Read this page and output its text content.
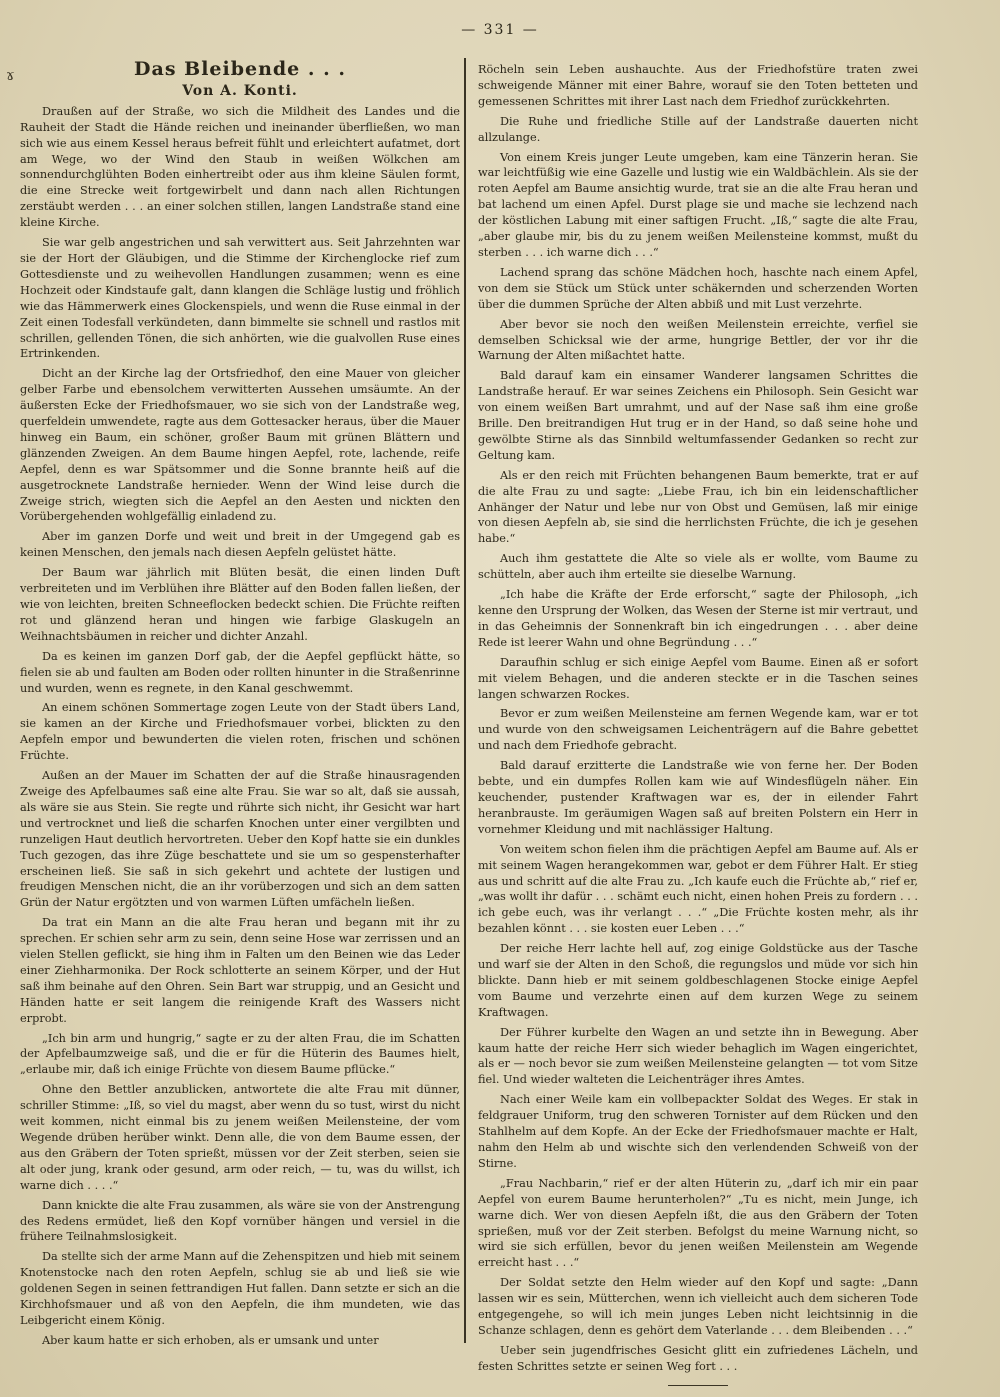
— 331 —
ɤ	Das Bleibende . . .
Von A. Konti.

Draußen auf der Straße, wo sich die Mildheit des Landes und die Rauheit der Stadt die Hände reichen und ineinander überfließen, wo man sich wie aus einem Kessel heraus befreit fühlt und erleichtert aufatmet, dort am Wege, wo der Wind den Staub in weißen Wölkchen am sonnendurchglühten Boden einhertreibt oder aus ihm kleine Säulen formt, die eine Strecke weit fortgewirbelt und dann nach allen Richtungen zerstäubt werden . . . an einer solchen stillen, langen Landstraße stand eine kleine Kirche.

Sie war gelb angestrichen und sah verwittert aus. Seit Jahrzehnten war sie der Hort der Gläubigen, und die Stimme der Kirchenglocke rief zum Gottesdienste und zu weihevollen Handlungen zusammen; wenn es eine Hochzeit oder Kindstaufe galt, dann klangen die Schläge lustig und fröhlich wie das Hämmerwerk eines Glockenspiels, und wenn die Ruse einmal in der Zeit einen Todesfall verkündeten, dann bimmelte sie schnell und rastlos mit schrillen, gellenden Tönen, die sich anhörten, wie die gualvollen Ruse eines Ertrinkenden.

Dicht an der Kirche lag der Ortsfriedhof, den eine Mauer von gleicher gelber Farbe und ebensolchem verwitterten Aussehen umsäumte. An der äußersten Ecke der Friedhofsmauer, wo sie sich von der Landstraße weg, querfeldein umwendete, ragte aus dem Gottesacker heraus, über die Mauer hinweg ein Baum, ein schöner, großer Baum mit grünen Blättern und glänzenden Zweigen. An dem Baume hingen Aepfel, rote, lachende, reife Aepfel, denn es war Spätsommer und die Sonne brannte heiß auf die ausgetrocknete Landstraße hernieder. Wenn der Wind leise durch die Zweige strich, wiegten sich die Aepfel an den Aesten und nickten den Vorübergehenden wohlgefällig einladend zu.

Aber im ganzen Dorfe und weit und breit in der Umgegend gab es keinen Menschen, den jemals nach diesen Aepfeln gelüstet hätte.

Der Baum war jährlich mit Blüten besät, die einen linden Duft verbreiteten und im Verblühen ihre Blätter auf den Boden fallen ließen, der wie von leichten, breiten Schneeflocken bedeckt schien. Die Früchte reiften rot und glänzend heran und hingen wie farbige Glaskugeln an Weihnachtsbäumen in reicher und dichter Anzahl.

Da es keinen im ganzen Dorf gab, der die Aepfel gepflückt hätte, so fielen sie ab und faulten am Boden oder rollten hinunter in die Straßenrinne und wurden, wenn es regnete, in den Kanal geschwemmt.

An einem schönen Sommertage zogen Leute von der Stadt übers Land, sie kamen an der Kirche und Friedhofsmauer vorbei, blickten zu den Aepfeln empor und bewunderten die vielen roten, frischen und schönen Früchte.

Außen an der Mauer im Schatten der auf die Straße hinausragenden Zweige des Apfelbaumes saß eine alte Frau. Sie war so alt, daß sie aussah, als wäre sie aus Stein. Sie regte und rührte sich nicht, ihr Gesicht war hart und vertrocknet und ließ die scharfen Knochen unter einer vergilbten und runzeligen Haut deutlich hervortreten. Ueber den Kopf hatte sie ein dunkles Tuch gezogen, das ihre Züge beschattete und sie um so gespensterhafter erscheinen ließ. Sie saß in sich gekehrt und achtete der lustigen und freudigen Menschen nicht, die an ihr vorüberzogen und sich an dem satten Grün der Natur ergötzten und von warmen Lüften umfächeln ließen.

Da trat ein Mann an die alte Frau heran und begann mit ihr zu sprechen. Er schien sehr arm zu sein, denn seine Hose war zerrissen und an vielen Stellen geflickt, sie hing ihm in Falten um den Beinen wie das Leder einer Ziehharmonika. Der Rock schlotterte an seinem Körper, und der Hut saß ihm beinahe auf den Ohren. Sein Bart war struppig, und an Gesicht und Händen hatte er seit langem die reinigende Kraft des Wassers nicht erprobt.

„Ich bin arm und hungrig,“ sagte er zu der alten Frau, die im Schatten der Apfelbaumzweige saß, und die er für die Hüterin des Baumes hielt, „erlaube mir, daß ich einige Früchte von diesem Baume pflücke.“

Ohne den Bettler anzublicken, antwortete die alte Frau mit dünner, schriller Stimme: „Iß, so viel du magst, aber wenn du so tust, wirst du nicht weit kommen, nicht einmal bis zu jenem weißen Meilensteine, der vom Wegende drüben herüber winkt. Denn alle, die von dem Baume essen, der aus den Gräbern der Toten sprießt, müssen vor der Zeit sterben, seien sie alt oder jung, krank oder gesund, arm oder reich, — tu, was du willst, ich warne dich . . . .“

Dann knickte die alte Frau zusammen, als wäre sie von der Anstrengung des Redens ermüdet, ließ den Kopf vornüber hängen und versiel in die frühere Teilnahmslosigkeit.

Da stellte sich der arme Mann auf die Zehenspitzen und hieb mit seinem Knotenstocke nach den roten Aepfeln, schlug sie ab und ließ sie wie goldenen Segen in seinen fettrandigen Hut fallen. Dann setzte er sich an die Kirchhofsmauer und aß von den Aepfeln, die ihm mundeten, wie das Leibgericht einem König.

Aber kaum hatte er sich erhoben, als er umsank und unter

Röcheln sein Leben aushauchte. Aus der Friedhofstüre traten zwei schweigende Männer mit einer Bahre, worauf sie den Toten betteten und gemessenen Schrittes mit ihrer Last nach dem Friedhof zurückkehrten.

Die Ruhe und friedliche Stille auf der Landstraße dauerten nicht allzulange.

Von einem Kreis junger Leute umgeben, kam eine Tänzerin heran. Sie war leichtfüßig wie eine Gazelle und lustig wie ein Waldbächlein. Als sie der roten Aepfel am Baume ansichtig wurde, trat sie an die alte Frau heran und bat lachend um einen Apfel. Durst plage sie und mache sie lechzend nach der köstlichen Labung mit einer saftigen Frucht. „Iß,“ sagte die alte Frau, „aber glaube mir, bis du zu jenem weißen Meilensteine kommst, mußt du sterben . . . ich warne dich . . .“

Lachend sprang das schöne Mädchen hoch, haschte nach einem Apfel, von dem sie Stück um Stück unter schäkernden und scherzenden Worten über die dummen Sprüche der Alten abbiß und mit Lust verzehrte.

Aber bevor sie noch den weißen Meilenstein erreichte, verfiel sie demselben Schicksal wie der arme, hungrige Bettler, der vor ihr die Warnung der Alten mißachtet hatte.

Bald darauf kam ein einsamer Wanderer langsamen Schrittes die Landstraße herauf. Er war seines Zeichens ein Philosoph. Sein Gesicht war von einem weißen Bart umrahmt, und auf der Nase saß ihm eine große Brille. Den breitrandigen Hut trug er in der Hand, so daß seine hohe und gewölbte Stirne als das Sinnbild weltumfassender Gedanken so recht zur Geltung kam.

Als er den reich mit Früchten behangenen Baum bemerkte, trat er auf die alte Frau zu und sagte: „Liebe Frau, ich bin ein leidenschaftlicher Anhänger der Natur und lebe nur von Obst und Gemüsen, laß mir einige von diesen Aepfeln ab, sie sind die herrlichsten Früchte, die ich je gesehen habe.“

Auch ihm gestattete die Alte so viele als er wollte, vom Baume zu schütteln, aber auch ihm erteilte sie dieselbe Warnung.

„Ich habe die Kräfte der Erde erforscht,“ sagte der Philosoph, „ich kenne den Ursprung der Wolken, das Wesen der Sterne ist mir vertraut, und in das Geheimnis der Sonnenkraft bin ich eingedrungen . . . aber deine Rede ist leerer Wahn und ohne Begründung . . .“

Daraufhin schlug er sich einige Aepfel vom Baume. Einen aß er sofort mit vielem Behagen, und die anderen steckte er in die Taschen seines langen schwarzen Rockes.

Bevor er zum weißen Meilensteine am fernen Wegende kam, war er tot und wurde von den schweigsamen Leichenträgern auf die Bahre gebettet und nach dem Friedhofe gebracht.

Bald darauf erzitterte die Landstraße wie von ferne her. Der Boden bebte, und ein dumpfes Rollen kam wie auf Windesflügeln näher. Ein keuchender, pustender Kraftwagen war es, der in eilender Fahrt heranbrauste. Im geräumigen Wagen saß auf breiten Polstern ein Herr in vornehmer Kleidung und mit nachlässiger Haltung.

Von weitem schon fielen ihm die prächtigen Aepfel am Baume auf. Als er mit seinem Wagen herangekommen war, gebot er dem Führer Halt. Er stieg aus und schritt auf die alte Frau zu. „Ich kaufe euch die Früchte ab,“ rief er, „was wollt ihr dafür . . . schämt euch nicht, einen hohen Preis zu fordern . . . ich gebe euch, was ihr verlangt . . .“ „Die Früchte kosten mehr, als ihr bezahlen könnt . . . sie kosten euer Leben . . .“

Der reiche Herr lachte hell auf, zog einige Goldstücke aus der Tasche und warf sie der Alten in den Schoß, die regungslos und müde vor sich hin blickte. Dann hieb er mit seinem goldbeschlagenen Stocke einige Aepfel vom Baume und verzehrte einen auf dem kurzen Wege zu seinem Kraftwagen.

Der Führer kurbelte den Wagen an und setzte ihn in Bewegung. Aber kaum hatte der reiche Herr sich wieder behaglich im Wagen eingerichtet, als er — noch bevor sie zum weißen Meilensteine gelangten — tot vom Sitze fiel. Und wieder walteten die Leichenträger ihres Amtes.

Nach einer Weile kam ein vollbepackter Soldat des Weges. Er stak in feldgrauer Uniform, trug den schweren Tornister auf dem Rücken und den Stahlhelm auf dem Kopfe. An der Ecke der Friedhofsmauer machte er Halt, nahm den Helm ab und wischte sich den verlendenden Schweiß von der Stirne.

„Frau Nachbarin,“ rief er der alten Hüterin zu, „darf ich mir ein paar Aepfel von eurem Baume herunterholen?“ „Tu es nicht, mein Junge, ich warne dich. Wer von diesen Aepfeln ißt, die aus den Gräbern der Toten sprießen, muß vor der Zeit sterben. Befolgst du meine Warnung nicht, so wird sie sich erfüllen, bevor du jenen weißen Meilenstein am Wegende erreicht hast . . .“

Der Soldat setzte den Helm wieder auf den Kopf und sagte: „Dann lassen wir es sein, Mütterchen, wenn ich vielleicht auch dem sicheren Tode entgegengehe, so will ich mein junges Leben nicht leichtsinnig in die Schanze schlagen, denn es gehört dem Vaterlande . . . dem Bleibenden . . .“

Ueber sein jugendfrisches Gesicht glitt ein zufriedenes Lächeln, und festen Schrittes setzte er seinen Weg fort . . .
